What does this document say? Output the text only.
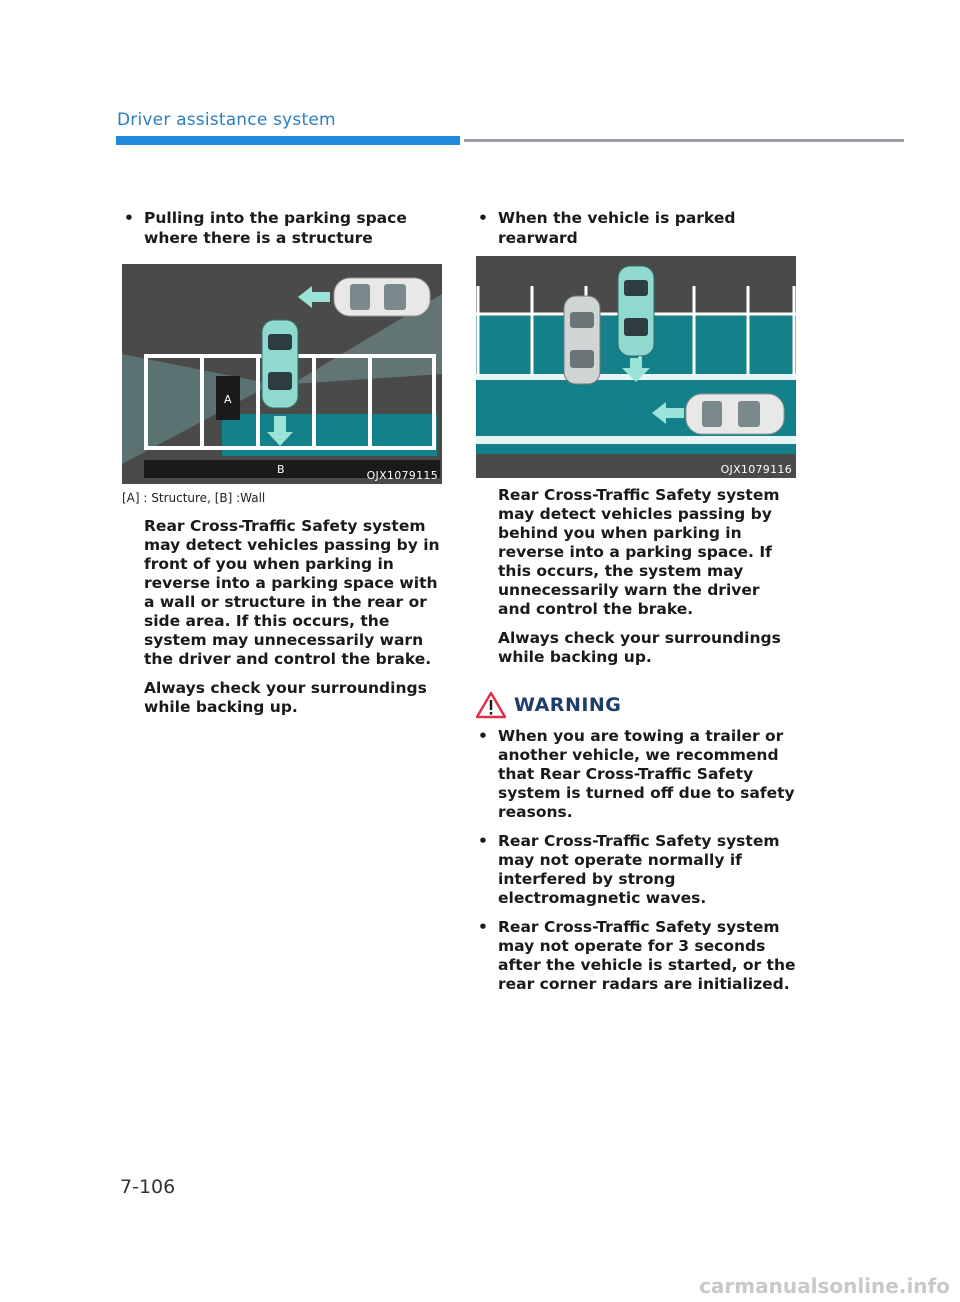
Driver assistance system
• Pulling into the parking space where there is a structure
A
B	OJX1079115
[A] : Structure, [B] :Wall
Rear Cross-Traffic Safety system may detect vehicles passing by in front of you when parking in reverse into a parking space with a wall or structure in the rear or side area. If this occurs, the system may unnecessarily warn the driver and control the brake.
Always check your surroundings while backing up.
• When the vehicle is parked rearward
OJX1079116
Rear Cross-Traffic Safety system may detect vehicles passing by behind you when parking in reverse into a parking space. If this occurs, the system may unnecessarily warn the driver and control the brake.
Always check your surroundings while backing up.
WARNING
• When you are towing a trailer or another vehicle, we recommend that Rear Cross-Traffic Safety system is turned off due to safety reasons.
• Rear Cross-Traffic Safety system may not operate normally if interfered by strong electromagnetic waves.
• Rear Cross-Traffic Safety system may not operate for 3 seconds after the vehicle is started, or the rear corner radars are initialized.
7-106
carmanualsonline.info
